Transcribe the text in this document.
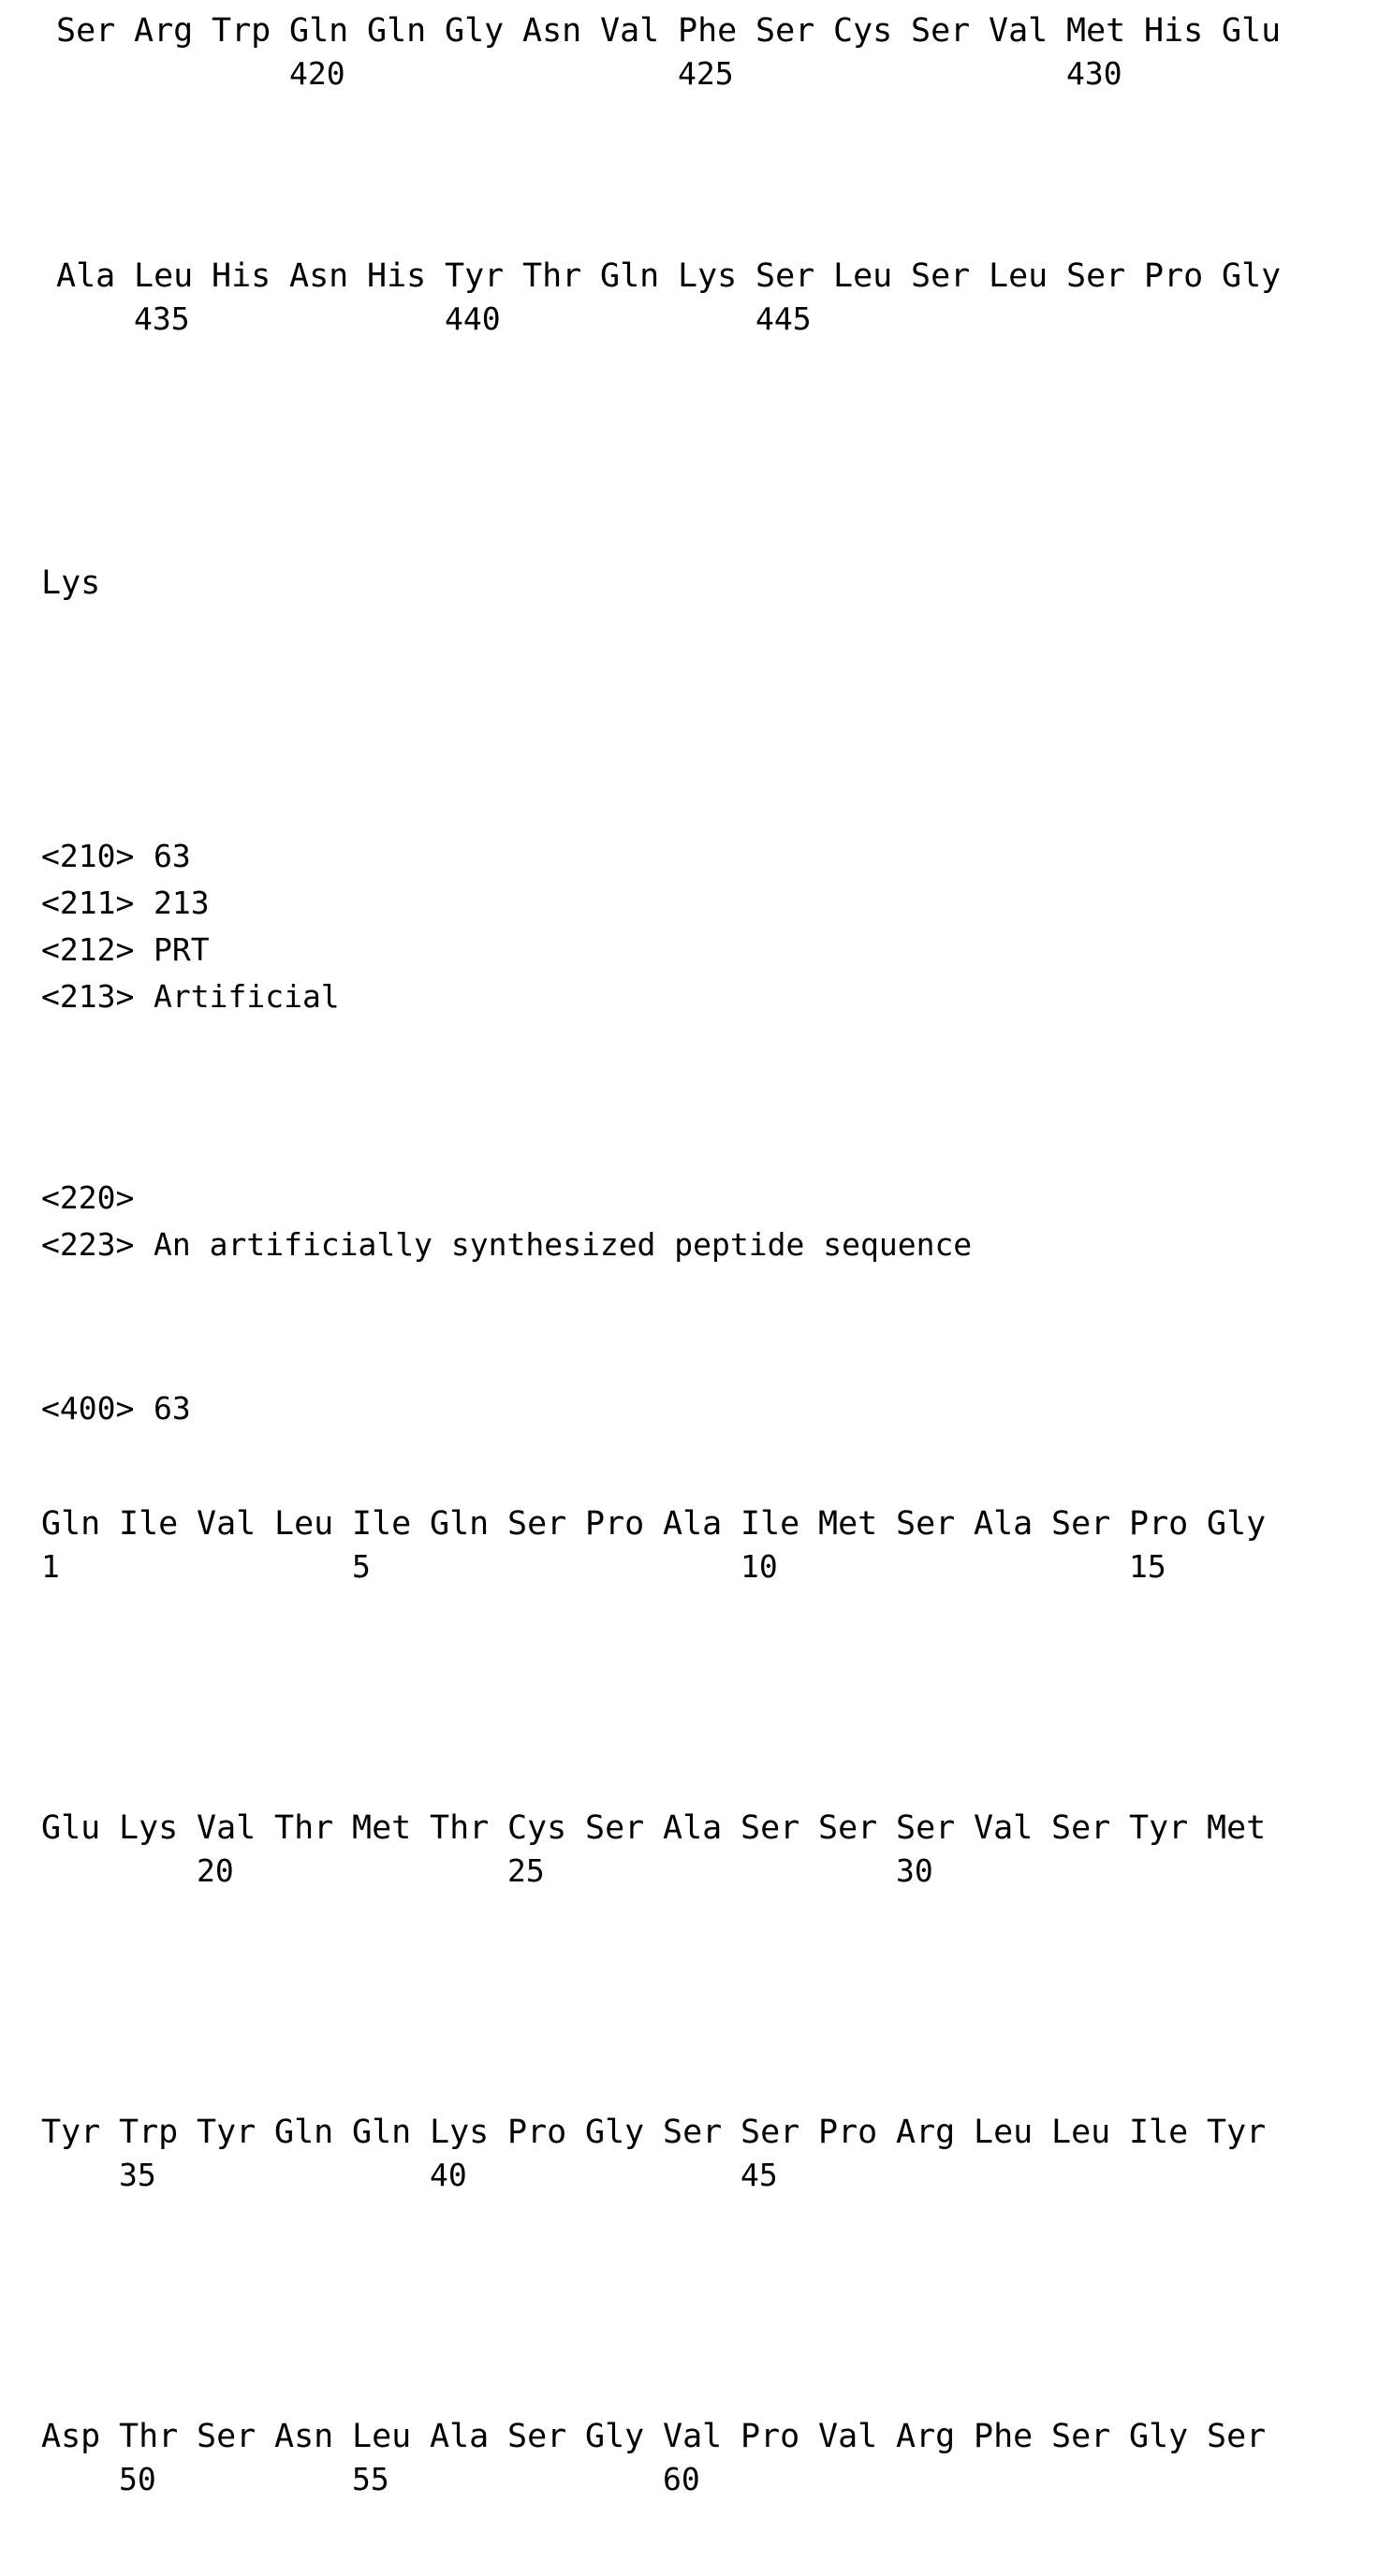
Ser Arg Trp Gln Gln Gly Asn Val Phe Ser Cys Ser Val Met His Glu
420	425	430
Ala Leu His Asn His Tyr Thr Gln Lys Ser Leu Ser Leu Ser Pro Gly
435	440	445
Lys
<210> 63
<211> 213
<212> PRT
<213> Artificial
<220>
<223> An artificially synthesized peptide sequence
<400> 63
Gln Ile Val Leu Ile Gln Ser Pro Ala Ile Met Ser Ala Ser Pro Gly
1	5	10	15
Glu Lys Val Thr Met Thr Cys Ser Ala Ser Ser Ser Val Ser Tyr Met
20	25	30
Tyr Trp Tyr Gln Gln Lys Pro Gly Ser Ser Pro Arg Leu Leu Ile Tyr
35	40	45
Asp Thr Ser Asn Leu Ala Ser Gly Val Pro Val Arg Phe Ser Gly Ser
50	55	60
